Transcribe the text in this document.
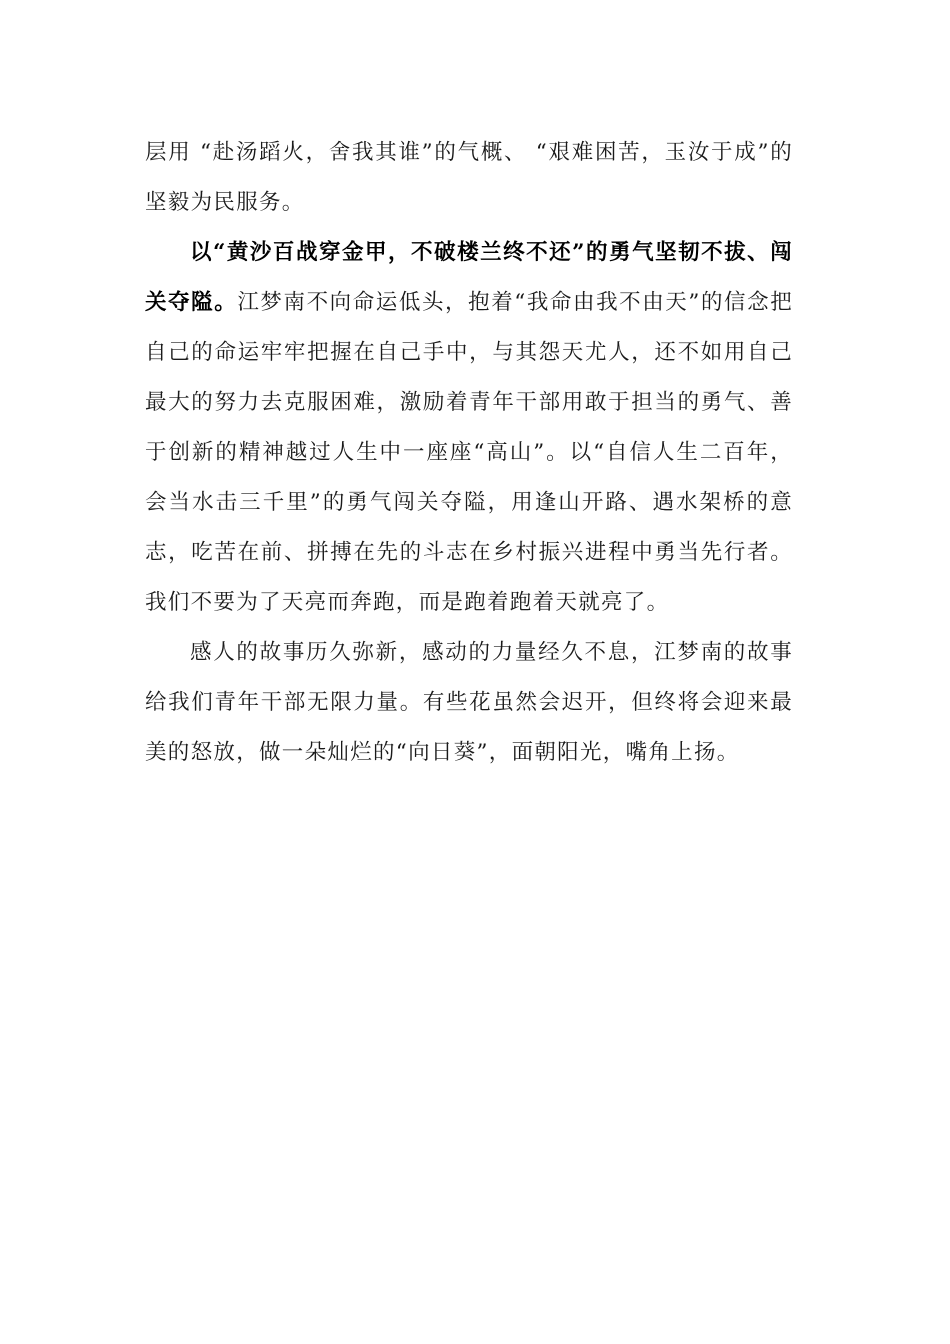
层用 “赴汤蹈火，舍我其谁”的气概、 “艰难困苦，玉汝于成”的坚毅为民服务。

以“黄沙百战穿金甲，不破楼兰终不还”的勇气坚韧不拔、闯关夺隘。江梦南不向命运低头，抱着“我命由我不由天”的信念把自己的命运牢牢把握在自己手中，与其怨天尤人，还不如用自己最大的努力去克服困难，激励着青年干部用敢于担当的勇气、善于创新的精神越过人生中一座座“高山”。以“自信人生二百年，会当水击三千里”的勇气闯关夺隘，用逢山开路、遇水架桥的意志，吃苦在前、拼搏在先的斗志在乡村振兴进程中勇当先行者。我们不要为了天亮而奔跑，而是跑着跑着天就亮了。

感人的故事历久弥新，感动的力量经久不息，江梦南的故事给我们青年干部无限力量。有些花虽然会迟开，但终将会迎来最美的怒放，做一朵灿烂的“向日葵”，面朝阳光，嘴角上扬。
